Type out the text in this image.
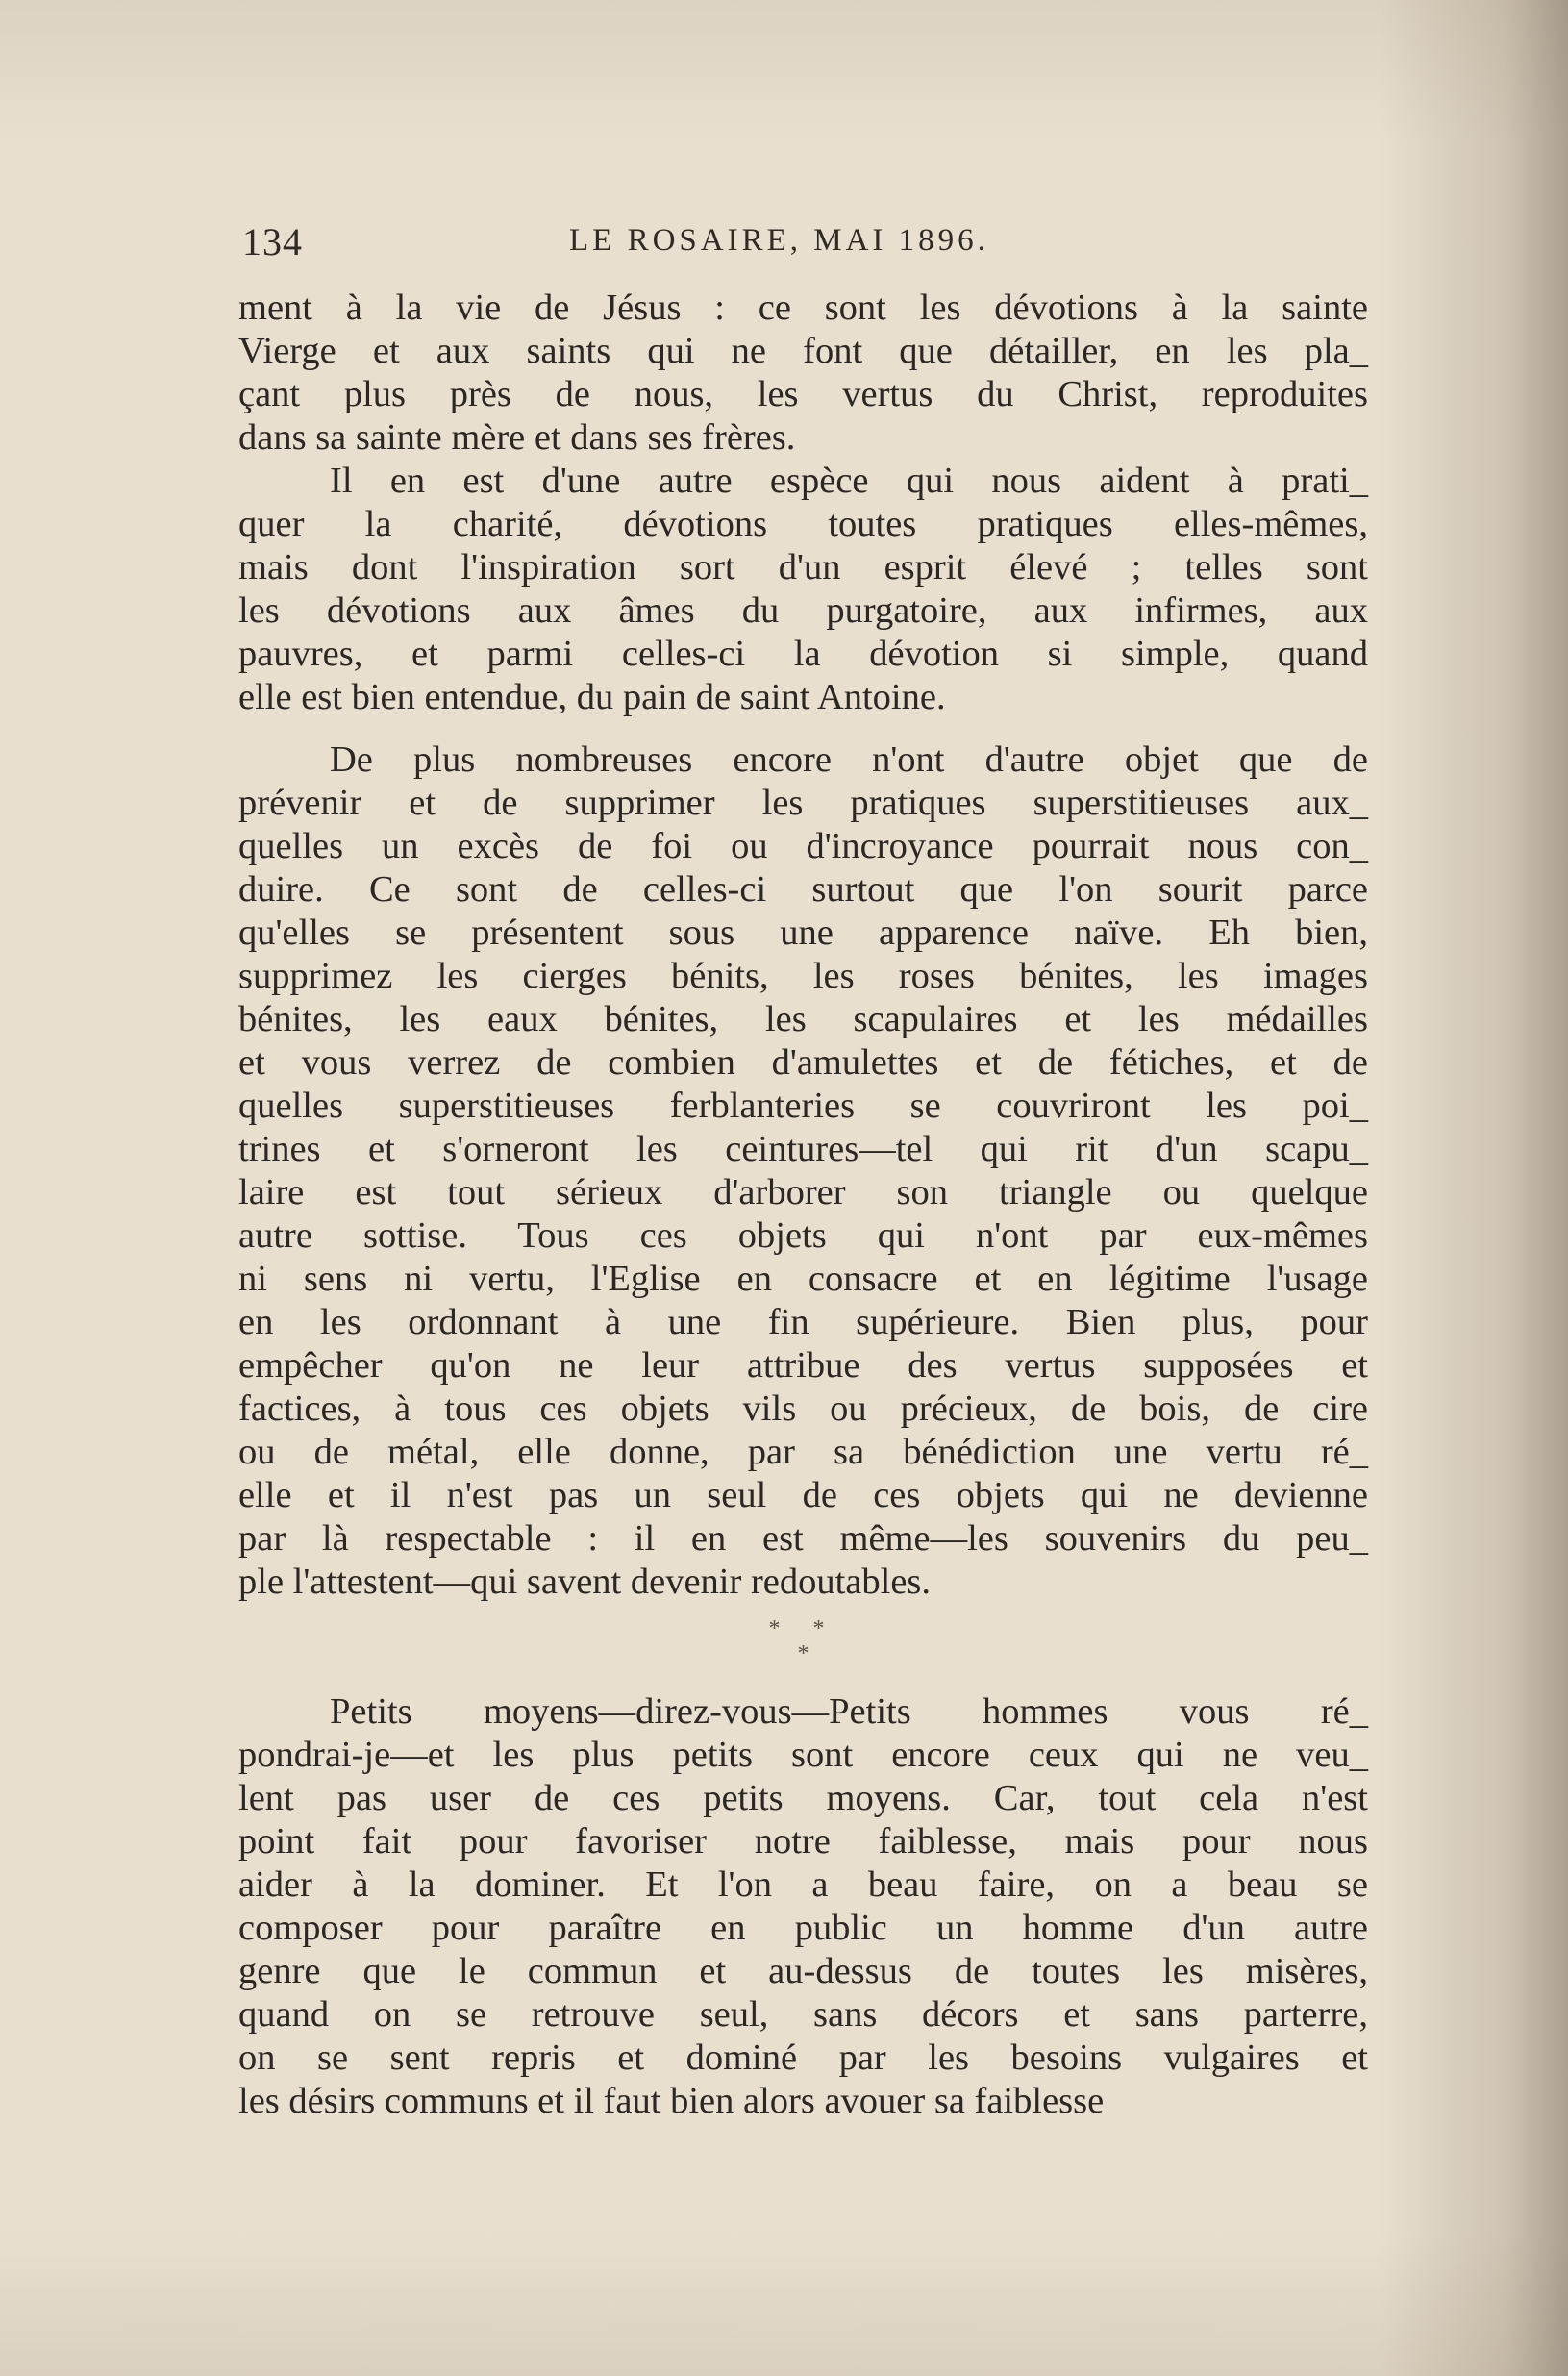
134	LE ROSAIRE, MAI 1896.
ment à la vie de Jésus : ce sont les dévotions à la sainte
Vierge et aux saints qui ne font que détailler, en les pla_
çant plus près de nous, les vertus du Christ, reproduites
dans sa sainte mère et dans ses frères.
Il en est d'une autre espèce qui nous aident à prati_
quer la charité, dévotions toutes pratiques elles-mêmes,
mais dont l'inspiration sort d'un esprit élevé ; telles sont
les dévotions aux âmes du purgatoire, aux infirmes, aux
pauvres, et parmi celles-ci la dévotion si simple, quand
elle est bien entendue, du pain de saint Antoine.
De plus nombreuses encore n'ont d'autre objet que de
prévenir et de supprimer les pratiques superstitieuses aux_
quelles un excès de foi ou d'incroyance pourrait nous con_
duire. Ce sont de celles-ci surtout que l'on sourit parce
qu'elles se présentent sous une apparence naïve. Eh bien,
supprimez les cierges bénits, les roses bénites, les images
bénites, les eaux bénites, les scapulaires et les médailles
et vous verrez de combien d'amulettes et de fétiches, et de
quelles superstitieuses ferblanteries se couvriront les poi_
trines et s'orneront les ceintures—tel qui rit d'un scapu_
laire est tout sérieux d'arborer son triangle ou quelque
autre sottise. Tous ces objets qui n'ont par eux-mêmes
ni sens ni vertu, l'Eglise en consacre et en légitime l'usage
en les ordonnant à une fin supérieure. Bien plus, pour
empêcher qu'on ne leur attribue des vertus supposées et
factices, à tous ces objets vils ou précieux, de bois, de cire
ou de métal, elle donne, par sa bénédiction une vertu ré_
elle et il n'est pas un seul de ces objets qui ne devienne
par là respectable : il en est même—les souvenirs du peu_
ple l'attestent—qui savent devenir redoutables.
* *
*
Petits moyens—direz-vous—Petits hommes vous ré_
pondrai-je—et les plus petits sont encore ceux qui ne veu_
lent pas user de ces petits moyens. Car, tout cela n'est
point fait pour favoriser notre faiblesse, mais pour nous
aider à la dominer. Et l'on a beau faire, on a beau se
composer pour paraître en public un homme d'un autre
genre que le commun et au-dessus de toutes les misères,
quand on se retrouve seul, sans décors et sans parterre,
on se sent repris et dominé par les besoins vulgaires et
les désirs communs et il faut bien alors avouer sa faiblesse
